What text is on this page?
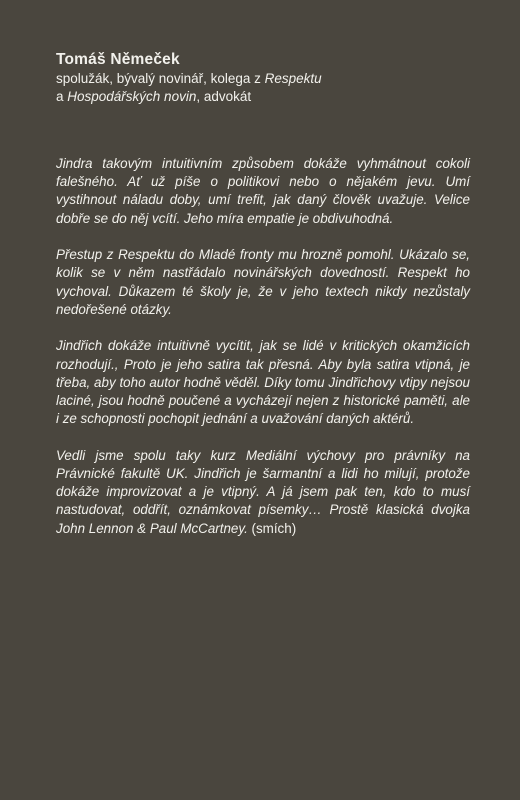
Tomáš Němeček

spolužák, bývalý novinář, kolega z Respektu
a Hospodářských novin, advokát

Jindra takovým intuitivním způsobem dokáže vyhmátnout cokoli falešného. Ať už píše o politikovi nebo o nějakém jevu. Umí vystihnout náladu doby, umí trefit, jak daný člověk uvažuje. Velice dobře se do něj vcítí. Jeho míra empatie je obdivuhodná.

Přestup z Respektu do Mladé fronty mu hrozně pomohl. Ukázalo se, kolik se v něm nastřádalo novinářských dovedností. Respekt ho vychoval. Důkazem té školy je, že v jeho textech nikdy nezůstaly nedořešené otázky.

Jindřich dokáže intuitivně vycítit, jak se lidé v kritických okamžicích rozhodují., Proto je jeho satira tak přesná. Aby byla satira vtipná, je třeba, aby toho autor hodně věděl. Díky tomu Jindřichovy vtipy nejsou laciné, jsou hodně poučené a vycházejí nejen z historické paměti, ale i ze schopnosti pochopit jednání a uvažování daných aktérů.

Vedli jsme spolu taky kurz Mediální výchovy pro právníky na Právnické fakultě UK. Jindřich je šarmantní a lidi ho milují, protože dokáže improvizovat a je vtipný. A já jsem pak ten, kdo to musí nastudovat, oddřít, oznámkovat písemky… Prostě klasická dvojka John Lennon & Paul McCartney. (smích)
